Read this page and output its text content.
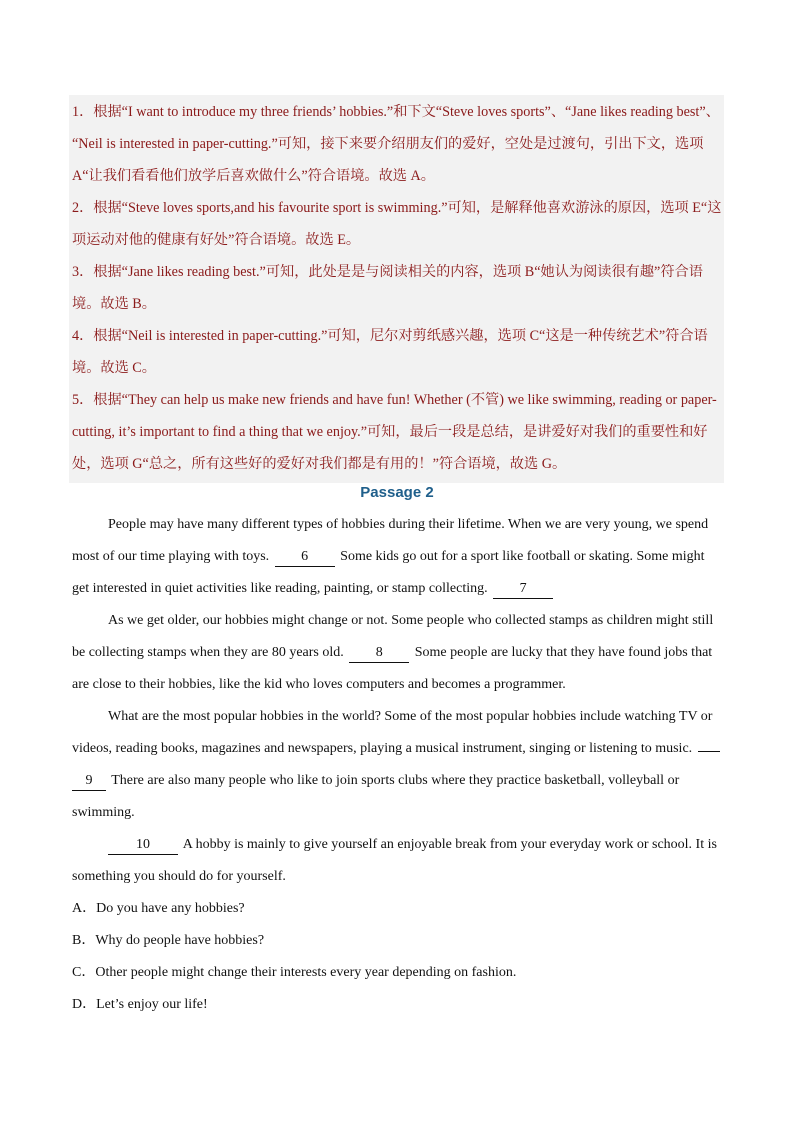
1．根据“I want to introduce my three friends’ hobbies.”和下文“Steve loves sports”、“Jane likes reading best”、
“Neil is interested in paper-cutting.”可知，接下来要介绍朋友们的爱好，空处是过渡句，引出下文，选项
A“让我们看看他们放学后喜欢做什么”符合语境。故选 A。
2．根据“Steve loves sports,and his favourite sport is swimming.”可知，是解释他喜欢游泳的原因，选项 E“这
项运动对他的健康有好处”符合语境。故选 E。
3．根据“Jane likes reading best.”可知，此处是是与阅读相关的内容，选项 B“她认为阅读很有趣”符合语
境。故选 B。
4．根据“Neil is interested in paper-cutting.”可知，尼尔对剪纸感兴趣，选项 C“这是一种传统艺术”符合语
境。故选 C。
5．根据“They can help us make new friends and have fun! Whether (不管) we like swimming, reading or paper-
cutting, it’s important to find a thing that we enjoy.”可知，最后一段是总结，是讲爱好对我们的重要性和好
处，选项 G“总之，所有这些好的爱好对我们都是有用的！”符合语境，故选 G。
Passage 2
People may have many different types of hobbies during their lifetime. When we are very young, we spend
most of our time playing with toys. 6 Some kids go out for a sport like football or skating. Some might
get interested in quiet activities like reading, painting, or stamp collecting. 7
As we get older, our hobbies might change or not. Some people who collected stamps as children might still
be collecting stamps when they are 80 years old. 8 Some people are lucky that they have found jobs that
are close to their hobbies, like the kid who loves computers and becomes a programmer.
What are the most popular hobbies in the world? Some of the most popular hobbies include watching TV or
videos, reading books, magazines and newspapers, playing a musical instrument, singing or listening to music.
9 There are also many people who like to join sports clubs where they practice basketball, volleyball or
swimming.
10 A hobby is mainly to give yourself an enjoyable break from your everyday work or school. It is
something you should do for yourself.
A．Do you have any hobbies?
B．Why do people have hobbies?
C．Other people might change their interests every year depending on fashion.
D．Let’s enjoy our life!
